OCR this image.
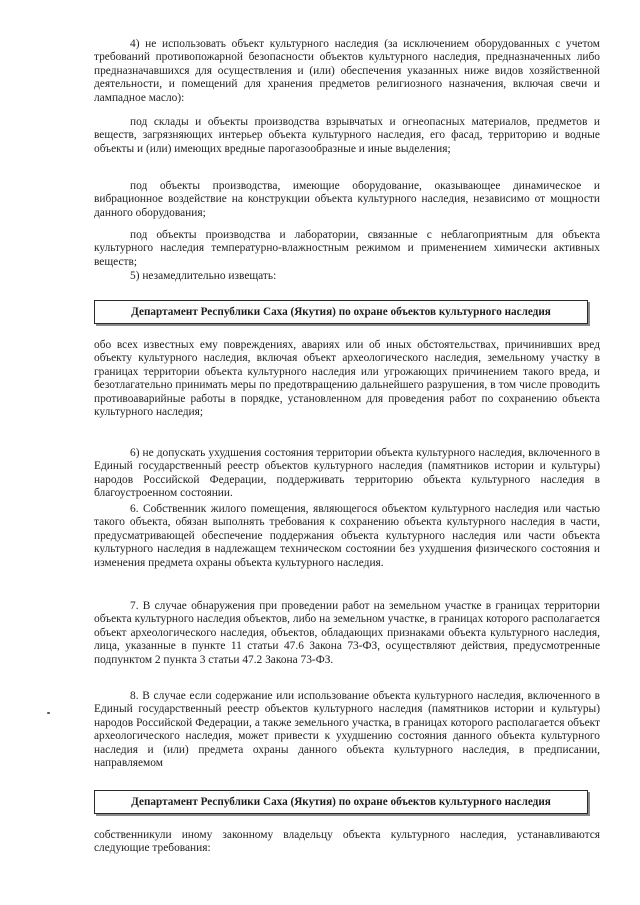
4) не использовать объект культурного наследия (за исключением оборудованных с учетом требований противопожарной безопасности объектов культурного наследия, предназначенных либо предназначавшихся для осуществления и (или) обеспечения указанных ниже видов хозяйственной деятельности, и помещений для хранения предметов религиозного назначения, включая свечи и лампадное масло):

под склады и объекты производства взрывчатых и огнеопасных материалов, предметов и веществ, загрязняющих интерьер объекта культурного наследия, его фасад, территорию и водные объекты и (или) имеющих вредные парогазообразные и иные выделения;

под объекты производства, имеющие оборудование, оказывающее динамическое и вибрационное воздействие на конструкции объекта культурного наследия, независимо от мощности данного оборудования;

под объекты производства и лаборатории, связанные с неблагоприятным для объекта культурного наследия температурно-влажностным режимом и применением химически активных веществ;

5) незамедлительно извещать:

Департамент Республики Саха (Якутия) по охране объектов культурного наследия

обо всех известных ему повреждениях, авариях или об иных обстоятельствах, причинивших вред объекту культурного наследия, включая объект археологического наследия, земельному участку в границах территории объекта культурного наследия или угрожающих причинением такого вреда, и безотлагательно принимать меры по предотвращению дальнейшего разрушения, в том числе проводить противоаварийные работы в порядке, установленном для проведения работ по сохранению объекта культурного наследия;

6) не допускать ухудшения состояния территории объекта культурного наследия, включенного в Единый государственный реестр объектов культурного наследия (памятников истории и культуры) народов Российской Федерации, поддерживать территорию объекта культурного наследия в благоустроенном состоянии.

6. Собственник жилого помещения, являющегося объектом культурного наследия или частью такого объекта, обязан выполнять требования к сохранению объекта культурного наследия в части, предусматривающей обеспечение поддержания объекта культурного наследия или части объекта культурного наследия в надлежащем техническом состоянии без ухудшения физического состояния и изменения предмета охраны объекта культурного наследия.

7. В случае обнаружения при проведении работ на земельном участке в границах территории объекта культурного наследия объектов, либо на земельном участке, в границах которого располагается объект археологического наследия, объектов, обладающих признаками объекта культурного наследия, лица, указанные в пункте 11 статьи 47.6 Закона 73-ФЗ, осуществляют действия, предусмотренные подпунктом 2 пункта 3 статьи 47.2 Закона 73-ФЗ.

8. В случае если содержание или использование объекта культурного наследия, включенного в Единый государственный реестр объектов культурного наследия (памятников истории и культуры) народов Российской Федерации, а также земельного участка, в границах которого располагается объект археологического наследия, может привести к ухудшению состояния данного объекта культурного наследия и (или) предмета охраны данного объекта культурного наследия, в предписании, направляемом

Департамент Республики Саха (Якутия) по охране объектов культурного наследия

собственникули иному законному владельцу объекта культурного наследия, устанавливаются следующие требования:
